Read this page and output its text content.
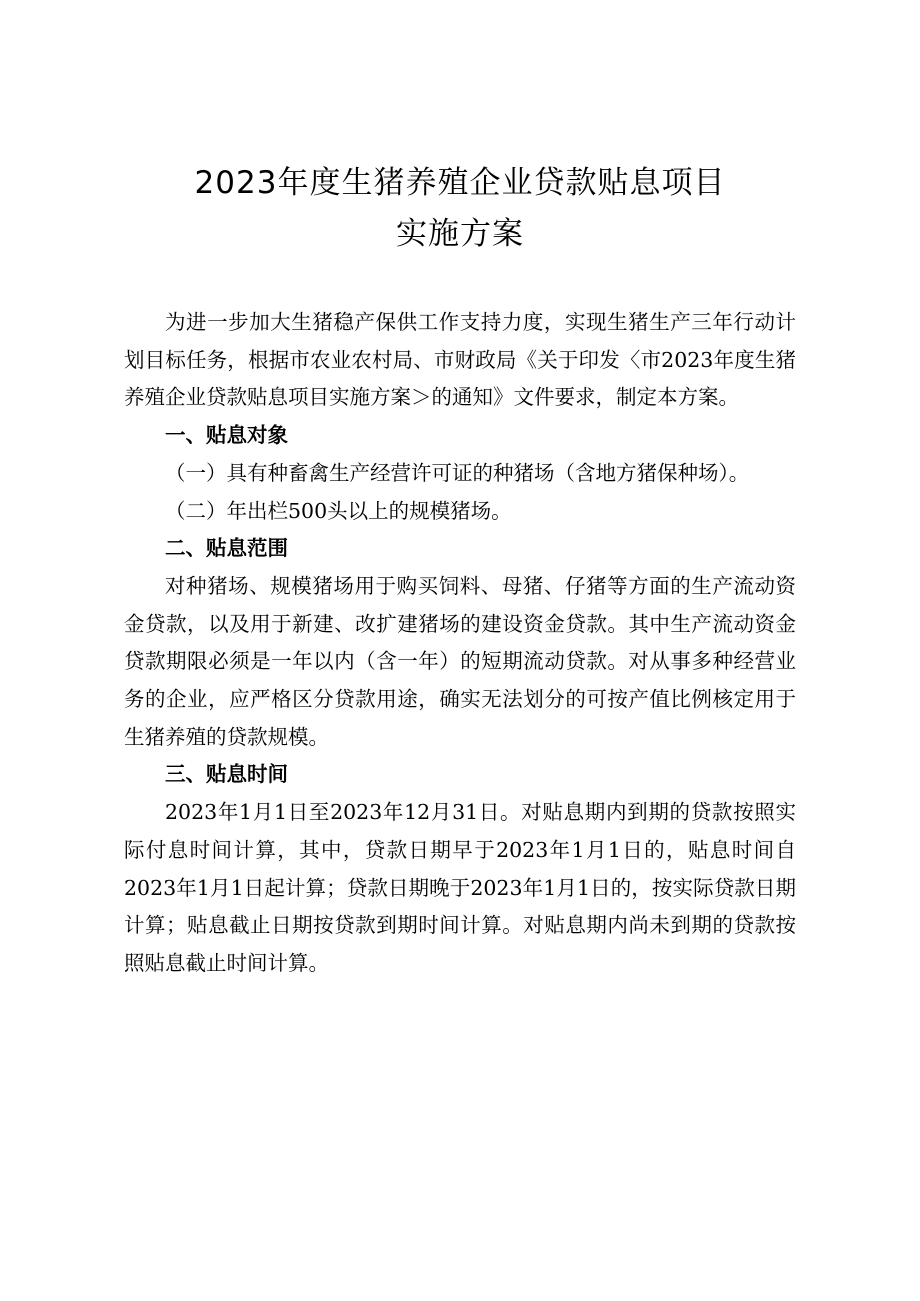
2023年度生猪养殖企业贷款贴息项目
实施方案

为进一步加大生猪稳产保供工作支持力度，实现生猪生产三年行动计划目标任务，根据市农业农村局、市财政局《关于印发〈市2023年度生猪养殖企业贷款贴息项目实施方案＞的通知》文件要求，制定本方案。

一、贴息对象

（一）具有种畜禽生产经营许可证的种猪场（含地方猪保种场）。

（二）年出栏500头以上的规模猪场。

二、贴息范围

对种猪场、规模猪场用于购买饲料、母猪、仔猪等方面的生产流动资金贷款，以及用于新建、改扩建猪场的建设资金贷款。其中生产流动资金贷款期限必须是一年以内（含一年）的短期流动贷款。对从事多种经营业务的企业，应严格区分贷款用途，确实无法划分的可按产值比例核定用于生猪养殖的贷款规模。

三、贴息时间

2023年1月1日至2023年12月31日。对贴息期内到期的贷款按照实际付息时间计算，其中，贷款日期早于2023年1月1日的，贴息时间自2023年1月1日起计算；贷款日期晚于2023年1月1日的，按实际贷款日期计算；贴息截止日期按贷款到期时间计算。对贴息期内尚未到期的贷款按照贴息截止时间计算。
